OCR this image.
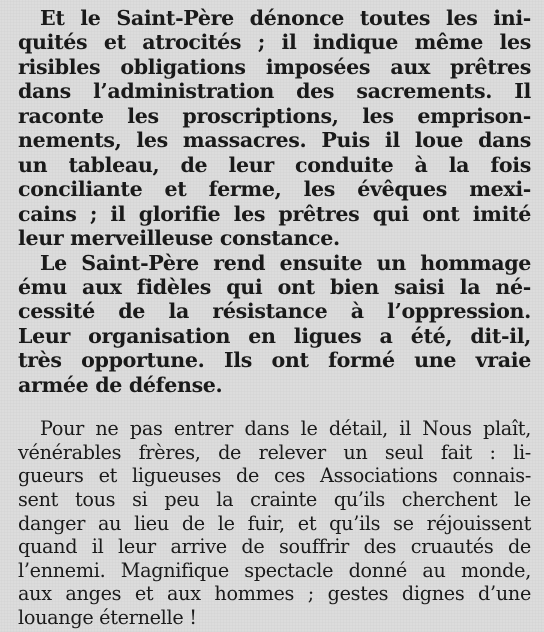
Et le Saint-Père dénonce toutes les ini-
quités et atrocités ; il indique même les
risibles obligations imposées aux prêtres
dans l’administration des sacrements. Il
raconte les proscriptions, les emprison-
nements, les massacres. Puis il loue dans
un tableau, de leur conduite à la fois
conciliante et ferme, les évêques mexi-
cains ; il glorifie les prêtres qui ont imité
leur merveilleuse constance.
Le Saint-Père rend ensuite un hommage
ému aux fidèles qui ont bien saisi la né-
cessité de la résistance à l’oppression.
Leur organisation en ligues a été, dit-il,
très opportune. Ils ont formé une vraie
armée de défense.
Pour ne pas entrer dans le détail, il Nous plaît,
vénérables frères, de relever un seul fait : li-
gueurs et ligueuses de ces Associations connais-
sent tous si peu la crainte qu’ils cherchent le
danger au lieu de le fuir, et qu’ils se réjouissent
quand il leur arrive de souffrir des cruautés de
l’ennemi. Magnifique spectacle donné au monde,
aux anges et aux hommes ; gestes dignes d’une
louange éternelle !
